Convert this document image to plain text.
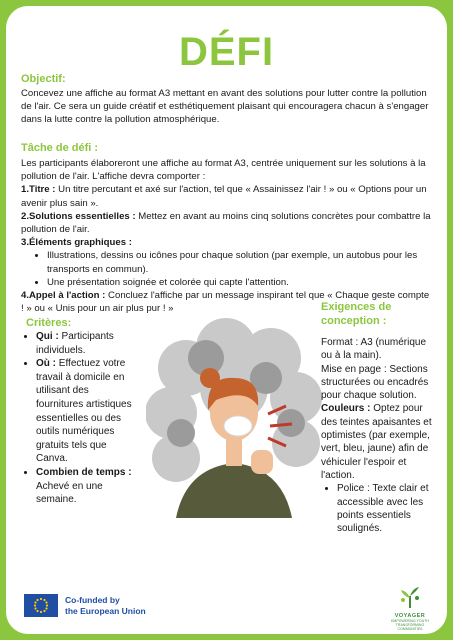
DÉFI
Objectif:
Concevez une affiche au format A3 mettant en avant des solutions pour lutter contre la pollution de l'air. Ce sera un guide créatif et esthétiquement plaisant qui encouragera chacun à s'engager dans la lutte contre la pollution atmosphérique.
Tâche de défi :
Les participants élaboreront une affiche au format A3, centrée uniquement sur les solutions à la pollution de l'air. L'affiche devra comporter :
1.Titre : Un titre percutant et axé sur l'action, tel que « Assainissez l'air ! » ou « Options pour un avenir plus sain ».
2.Solutions essentielles : Mettez en avant au moins cinq solutions concrètes pour combattre la pollution de l'air.
3.Éléments graphiques :
• Illustrations, dessins ou icônes pour chaque solution (par exemple, un autobus pour les transports en commun).
• Une présentation soignée et colorée qui capte l'attention.
4.Appel à l'action : Concluez l'affiche par un message inspirant tel que « Chaque geste compte ! » ou « Unis pour un air plus pur ! »
Critères:
• Qui : Participants individuels.
• Où : Effectuez votre travail à domicile en utilisant des fournitures artistiques essentielles ou des outils numériques gratuits tels que Canva.
• Combien de temps : Achevé en une semaine.
Exigences de conception :
Format : A3 (numérique ou à la main).
Mise en page : Sections structurées ou encadrés pour chaque solution.
Couleurs : Optez pour des teintes apaisantes et optimistes (par exemple, vert, bleu, jaune) afin de véhiculer l'espoir et l'action.
• Police : Texte clair et accessible avec les points essentiels soulignés.
Co-funded by
the European Union
VOYAGER
EMPOWERING YOUTH TRANSFORMING COMMUNITIES
